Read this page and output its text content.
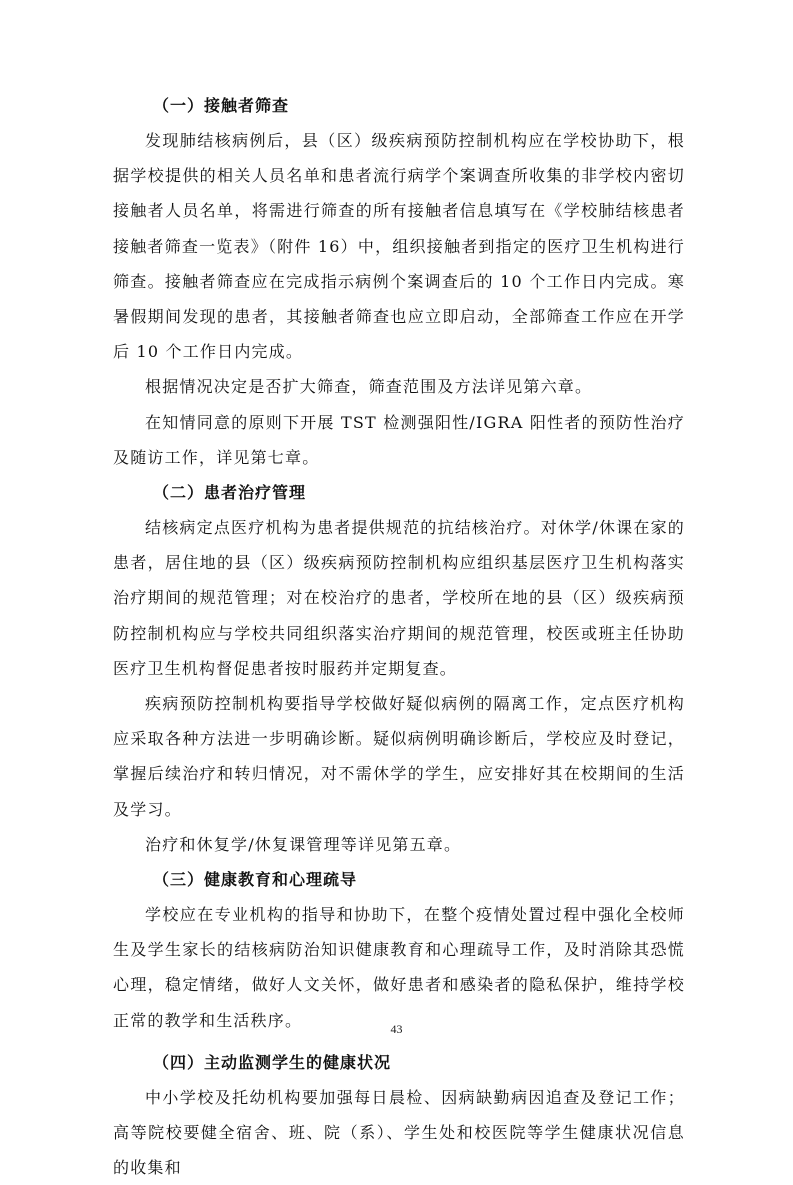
（一）接触者筛查

发现肺结核病例后，县（区）级疾病预防控制机构应在学校协助下，根据学校提供的相关人员名单和患者流行病学个案调查所收集的非学校内密切接触者人员名单，将需进行筛查的所有接触者信息填写在《学校肺结核患者接触者筛查一览表》（附件 16）中，组织接触者到指定的医疗卫生机构进行筛查。接触者筛查应在完成指示病例个案调查后的 10 个工作日内完成。寒暑假期间发现的患者，其接触者筛查也应立即启动，全部筛查工作应在开学后 10 个工作日内完成。

根据情况决定是否扩大筛查，筛查范围及方法详见第六章。

在知情同意的原则下开展 TST 检测强阳性/IGRA 阳性者的预防性治疗及随访工作，详见第七章。

（二）患者治疗管理

结核病定点医疗机构为患者提供规范的抗结核治疗。对休学/休课在家的患者，居住地的县（区）级疾病预防控制机构应组织基层医疗卫生机构落实治疗期间的规范管理；对在校治疗的患者，学校所在地的县（区）级疾病预防控制机构应与学校共同组织落实治疗期间的规范管理，校医或班主任协助医疗卫生机构督促患者按时服药并定期复查。

疾病预防控制机构要指导学校做好疑似病例的隔离工作，定点医疗机构应采取各种方法进一步明确诊断。疑似病例明确诊断后，学校应及时登记，掌握后续治疗和转归情况，对不需休学的学生，应安排好其在校期间的生活及学习。

治疗和休复学/休复课管理等详见第五章。

（三）健康教育和心理疏导

学校应在专业机构的指导和协助下，在整个疫情处置过程中强化全校师生及学生家长的结核病防治知识健康教育和心理疏导工作，及时消除其恐慌心理，稳定情绪，做好人文关怀，做好患者和感染者的隐私保护，维持学校正常的教学和生活秩序。

（四）主动监测学生的健康状况

中小学校及托幼机构要加强每日晨检、因病缺勤病因追查及登记工作；高等院校要健全宿舍、班、院（系）、学生处和校医院等学生健康状况信息的收集和

43
